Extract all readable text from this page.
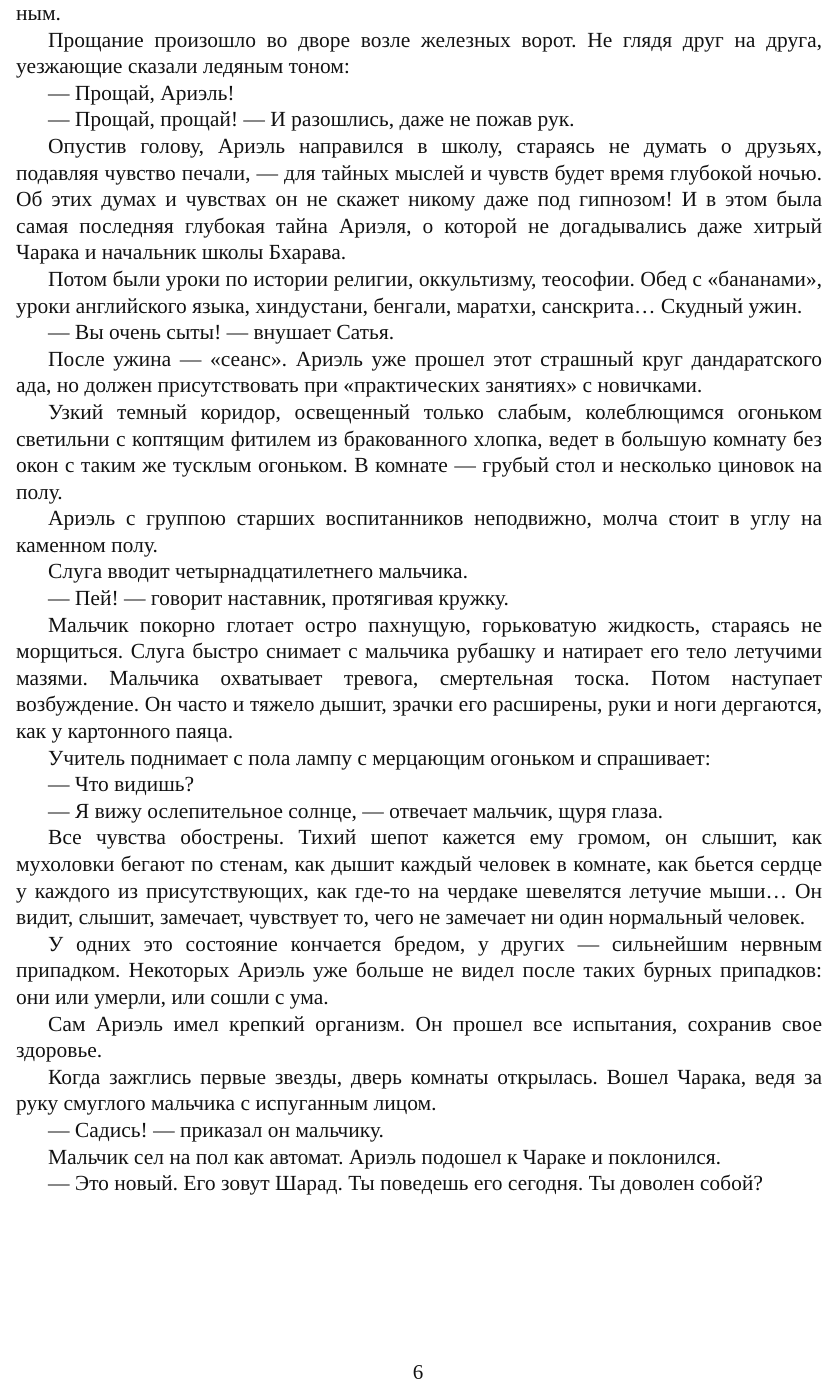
ным.

Прощание произошло во дворе возле железных ворот. Не глядя друг на друга, уезжающие сказали ледяным тоном:

— Прощай, Ариэль!

— Прощай, прощай! — И разошлись, даже не пожав рук.

Опустив голову, Ариэль направился в школу, стараясь не думать о друзьях, подавляя чувство печали, — для тайных мыслей и чувств будет время глубокой ночью. Об этих думах и чувствах он не скажет никому даже под гипнозом! И в этом была самая последняя глубокая тайна Ариэля, о которой не догадывались даже хитрый Чарака и начальник школы Бхарава.

Потом были уроки по истории религии, оккультизму, теософии. Обед с «бананами», уроки английского языка, хиндустани, бенгали, маратхи, санскрита… Скудный ужин.

— Вы очень сыты! — внушает Сатья.

После ужина — «сеанс». Ариэль уже прошел этот страшный круг дандаратского ада, но должен присутствовать при «практических занятиях» с новичками.

Узкий темный коридор, освещенный только слабым, колеблющимся огоньком светильни с коптящим фитилем из бракованного хлопка, ведет в большую комнату без окон с таким же тусклым огоньком. В комнате — грубый стол и несколько циновок на полу.

Ариэль с группою старших воспитанников неподвижно, молча стоит в углу на каменном полу.

Слуга вводит четырнадцатилетнего мальчика.

— Пей! — говорит наставник, протягивая кружку.

Мальчик покорно глотает остро пахнущую, горьковатую жидкость, стараясь не морщиться. Слуга быстро снимает с мальчика рубашку и натирает его тело летучими мазями. Мальчика охватывает тревога, смертельная тоска. Потом наступает возбуждение. Он часто и тяжело дышит, зрачки его расширены, руки и ноги дергаются, как у картонного паяца.

Учитель поднимает с пола лампу с мерцающим огоньком и спрашивает:

— Что видишь?

— Я вижу ослепительное солнце, — отвечает мальчик, щуря глаза.

Все чувства обострены. Тихий шепот кажется ему громом, он слышит, как мухоловки бегают по стенам, как дышит каждый человек в комнате, как бьется сердце у каждого из присутствующих, как где-то на чердаке шевелятся летучие мыши… Он видит, слышит, замечает, чувствует то, чего не замечает ни один нормальный человек.

У одних это состояние кончается бредом, у других — сильнейшим нервным припадком. Некоторых Ариэль уже больше не видел после таких бурных припадков: они или умерли, или сошли с ума.

Сам Ариэль имел крепкий организм. Он прошел все испытания, сохранив свое здоровье.

Когда зажглись первые звезды, дверь комнаты открылась. Вошел Чарака, ведя за руку смуглого мальчика с испуганным лицом.

— Садись! — приказал он мальчику.

Мальчик сел на пол как автомат. Ариэль подошел к Чараке и поклонился.

— Это новый. Его зовут Шарад. Ты поведешь его сегодня. Ты доволен собой?

6
